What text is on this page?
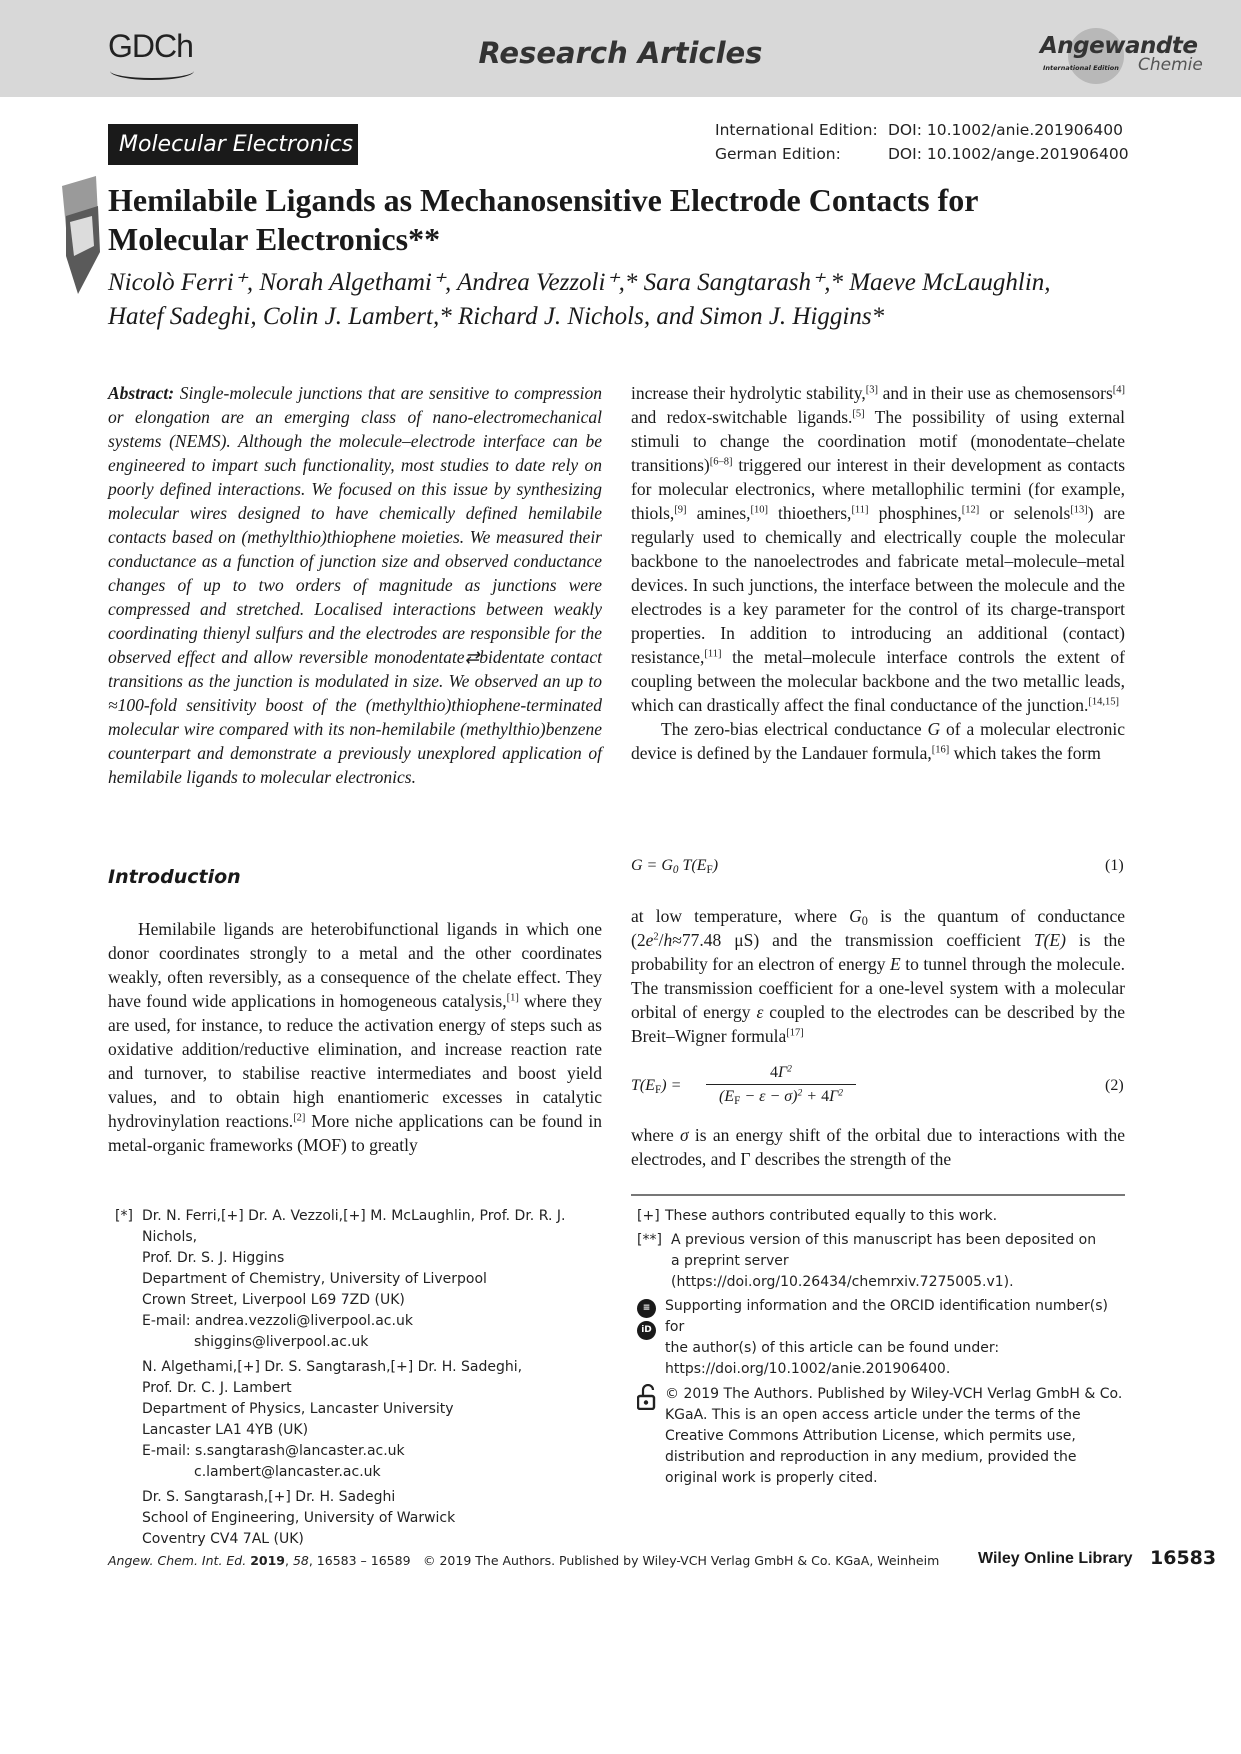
GDCh	Research Articles	Angewandte
International Edition Chemie
Molecular Electronics
International Edition: DOI: 10.1002/anie.201906400
German Edition:	DOI: 10.1002/ange.201906400
Hemilabile Ligands as Mechanosensitive Electrode Contacts for
Molecular Electronics**
Nicolò Ferri⁺, Norah Algethami⁺, Andrea Vezzoli⁺,* Sara Sangtarash⁺,* Maeve McLaughlin,
Hatef Sadeghi, Colin J. Lambert,* Richard J. Nichols, and Simon J. Higgins*

Abstract: Single-molecule junctions that are sensitive to compression or elongation are an emerging class of nano-electromechanical systems (NEMS). Although the molecule–electrode interface can be engineered to impart such functionality, most studies to date rely on poorly defined interactions. We focused on this issue by synthesizing molecular wires designed to have chemically defined hemilabile contacts based on (methylthio)thiophene moieties. We measured their conductance as a function of junction size and observed conductance changes of up to two orders of magnitude as junctions were compressed and stretched. Localised interactions between weakly coordinating thienyl sulfurs and the electrodes are responsible for the observed effect and allow reversible monodentate⇄bidentate contact transitions as the junction is modulated in size. We observed an up to ≈100-fold sensitivity boost of the (methylthio)thiophene-terminated molecular wire compared with its non-hemilabile (methylthio)benzene counterpart and demonstrate a previously unexplored application of hemilabile ligands to molecular electronics.

Introduction

Hemilabile ligands are heterobifunctional ligands in which one donor coordinates strongly to a metal and the other coordinates weakly, often reversibly, as a consequence of the chelate effect. They have found wide applications in homogeneous catalysis,[1] where they are used, for instance, to reduce the activation energy of steps such as oxidative addition/reductive elimination, and increase reaction rate and turnover, to stabilise reactive intermediates and boost yield values, and to obtain high enantiomeric excesses in catalytic hydrovinylation reactions.[2] More niche applications can be found in metal-organic frameworks (MOF) to greatly

increase their hydrolytic stability,[3] and in their use as chemosensors[4] and redox-switchable ligands.[5] The possibility of using external stimuli to change the coordination motif (monodentate–chelate transitions)[6–8] triggered our interest in their development as contacts for molecular electronics, where metallophilic termini (for example, thiols,[9] amines,[10] thioethers,[11] phosphines,[12] or selenols[13]) are regularly used to chemically and electrically couple the molecular backbone to the nanoelectrodes and fabricate metal–molecule–metal devices. In such junctions, the interface between the molecule and the electrodes is a key parameter for the control of its charge-transport properties. In addition to introducing an additional (contact) resistance,[11] the metal–molecule interface controls the extent of coupling between the molecular backbone and the two metallic leads, which can drastically affect the final conductance of the junction.[14,15]

The zero-bias electrical conductance G of a molecular electronic device is defined by the Landauer formula,[16] which takes the form

$G = G_0$ $T(E_F)$	(1)

at low temperature, where $G_0$ is the quantum of conductance ($2e^2/h\approx 77.48$ μS) and the transmission coefficient T(E) is the probability for an electron of energy E to tunnel through the molecule. The transmission coefficient for a one-level system with a molecular orbital of energy ε coupled to the electrodes can be described by the Breit–Wigner formula[17]

$T(E_F)$ =
$4\Gamma^2$
$(E_F - \varepsilon - \sigma)^2 + 4\Gamma^2$	(2)

where σ is an energy shift of the orbital due to interactions with the electrodes, and Γ describes the strength of the

[*] Dr. N. Ferri,[+] Dr. A. Vezzoli,[+] M. McLaughlin, Prof. Dr. R. J. Nichols,

Prof. Dr. S. J. Higgins

Department of Chemistry, University of Liverpool

Crown Street, Liverpool L69 7ZD (UK)

E-mail: andrea.vezzoli@liverpool.ac.uk

shiggins@liverpool.ac.uk

N. Algethami,[+] Dr. S. Sangtarash,[+] Dr. H. Sadeghi,

Prof. Dr. C. J. Lambert

Department of Physics, Lancaster University

Lancaster LA1 4YB (UK)

E-mail: s.sangtarash@lancaster.ac.uk

c.lambert@lancaster.ac.uk

Dr. S. Sangtarash,[+] Dr. H. Sadeghi

School of Engineering, University of Warwick

Coventry CV4 7AL (UK)

[+] These authors contributed equally to this work.

[**] A previous version of this manuscript has been deposited on

a preprint server (https://doi.org/10.26434/chemrxiv.7275005.v1).

≡
iD

Supporting information and the ORCID identification number(s) for

the author(s) of this article can be found under:

https://doi.org/10.1002/anie.201906400.

© 2019 The Authors. Published by Wiley-VCH Verlag GmbH & Co. KGaA. This is an open access article under the terms of the Creative Commons Attribution License, which permits use, distribution and reproduction in any medium, provided the original work is properly cited.

Angew. Chem. Int. Ed. 2019, 58, 16583 – 16589 © 2019 The Authors. Published by Wiley-VCH Verlag GmbH & Co. KGaA, Weinheim Wiley Online Library 16583
